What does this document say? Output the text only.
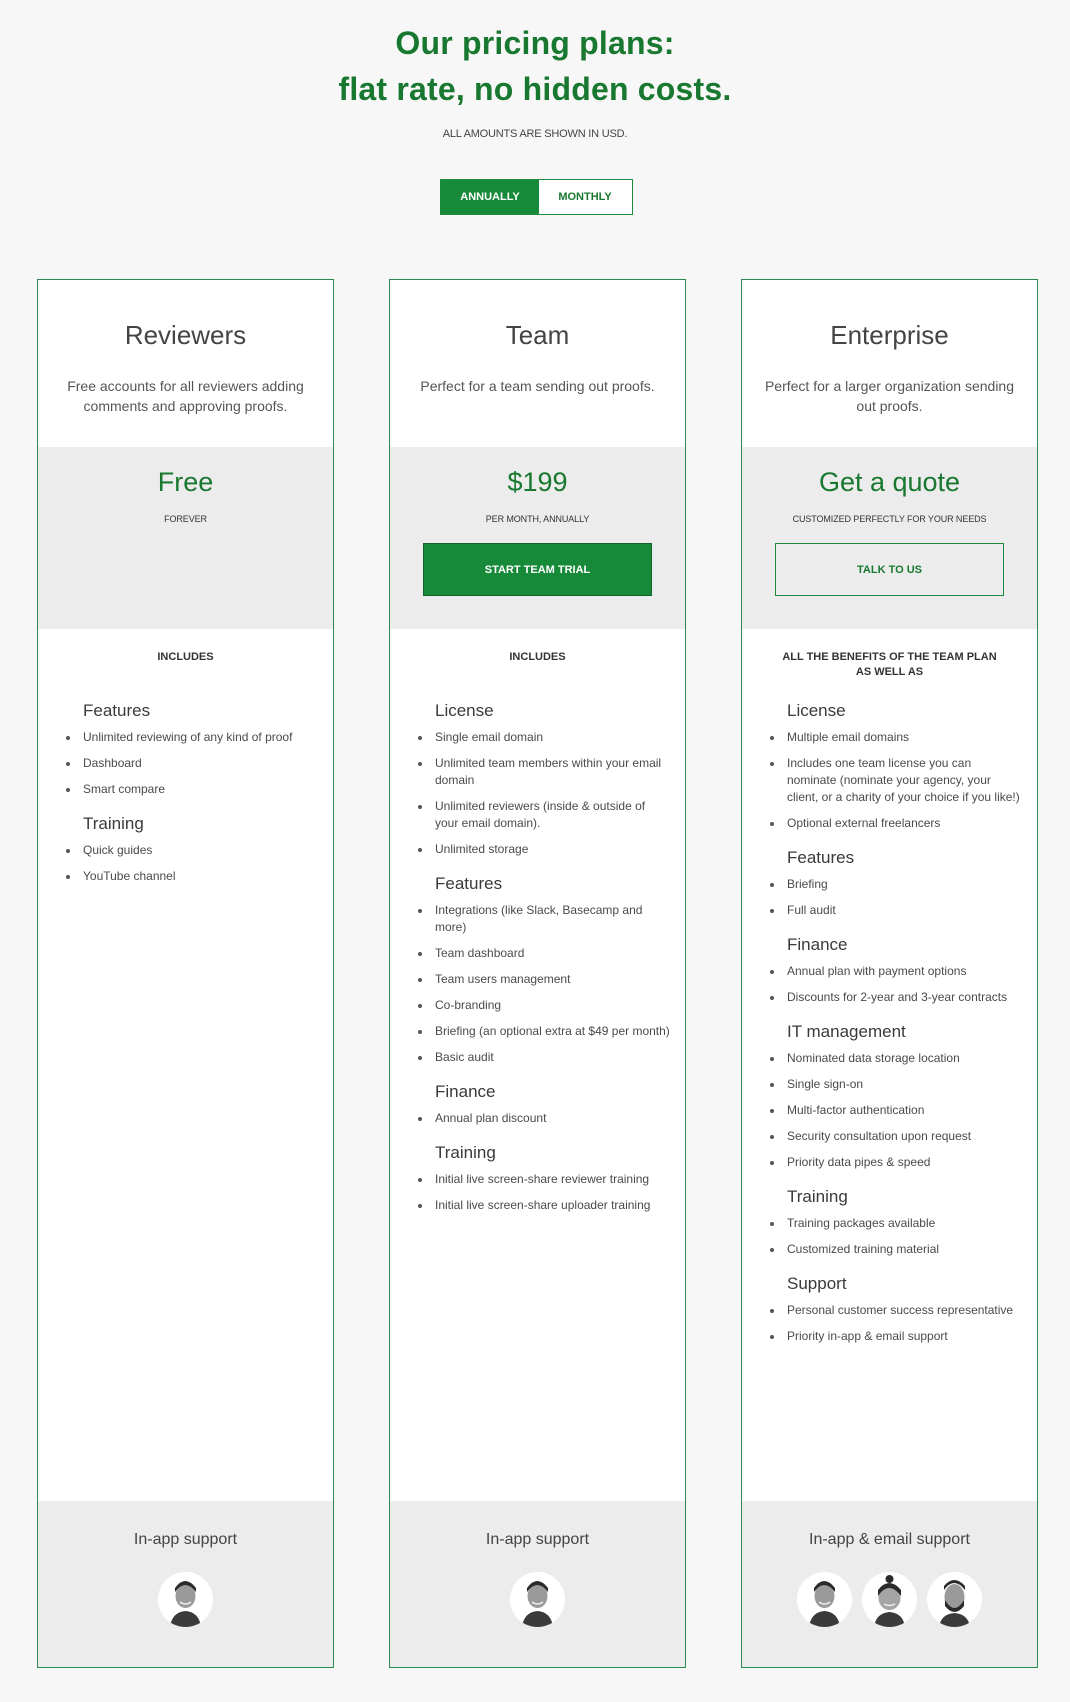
Our pricing plans:
flat rate, no hidden costs.
ALL AMOUNTS ARE SHOWN IN USD.
ANNUALLY	MONTHLY
Reviewers
Free accounts for all reviewers adding comments and approving proofs.
Free
FOREVER
INCLUDES
Features
Unlimited reviewing of any kind of proof
Dashboard
Smart compare
Training
Quick guides
YouTube channel
In-app support
Team
Perfect for a team sending out proofs.
$199
PER MONTH, ANNUALLY
START TEAM TRIAL
INCLUDES
License
Single email domain
Unlimited team members within your email domain
Unlimited reviewers (inside & outside of your email domain).
Unlimited storage
Features
Integrations (like Slack, Basecamp and more)
Team dashboard
Team users management
Co-branding
Briefing (an optional extra at $49 per month)
Basic audit
Finance
Annual plan discount
Training
Initial live screen-share reviewer training
Initial live screen-share uploader training
In-app support
Enterprise
Perfect for a larger organization sending out proofs.
Get a quote
CUSTOMIZED PERFECTLY FOR YOUR NEEDS
TALK TO US
ALL THE BENEFITS OF THE TEAM PLAN AS WELL AS
License
Multiple email domains
Includes one team license you can nominate (nominate your agency, your client, or a charity of your choice if you like!)
Optional external freelancers
Features
Briefing
Full audit
Finance
Annual plan with payment options
Discounts for 2-year and 3-year contracts
IT management
Nominated data storage location
Single sign-on
Multi-factor authentication
Security consultation upon request
Priority data pipes & speed
Training
Training packages available
Customized training material
Support
Personal customer success representative
Priority in-app & email support
In-app & email support
